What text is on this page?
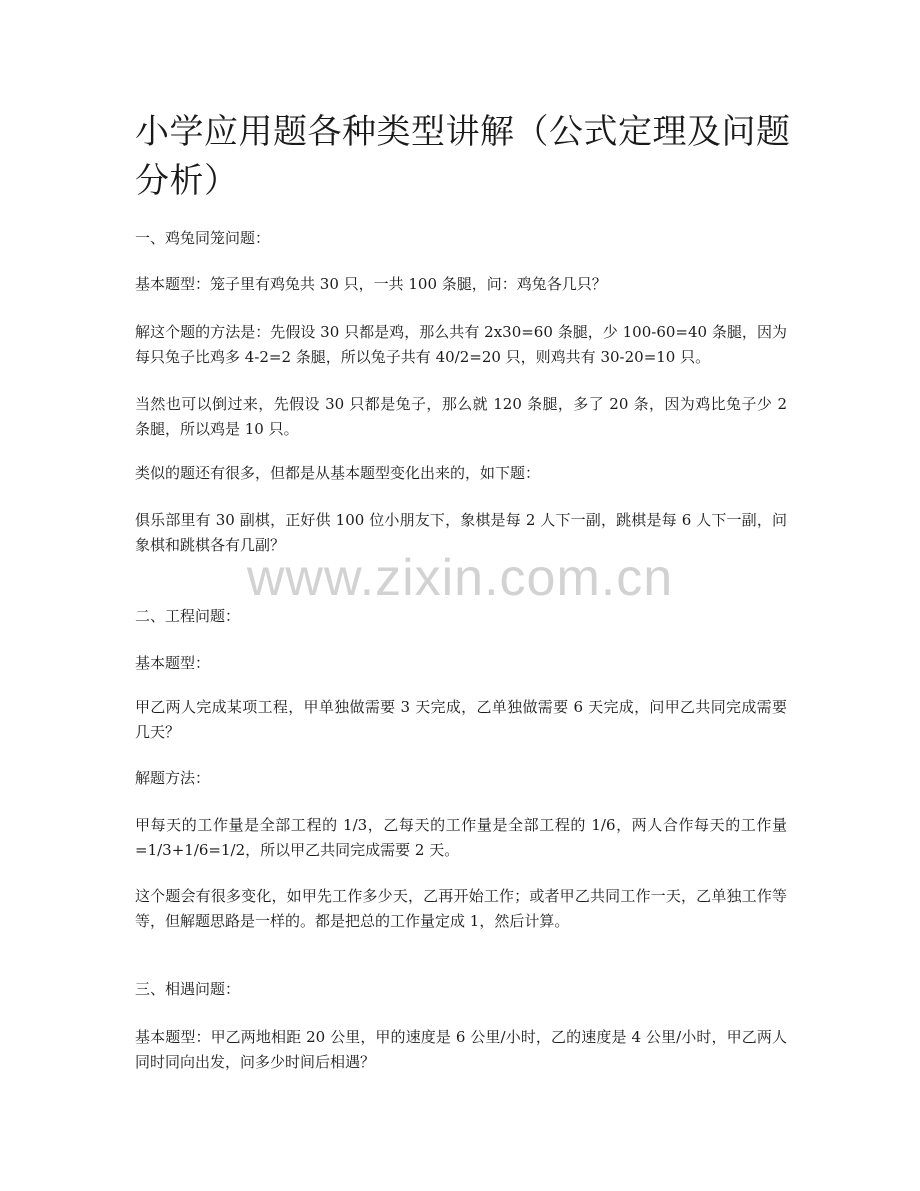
小学应用题各种类型讲解（公式定理及问题分析）

一、鸡兔同笼问题：

基本题型：笼子里有鸡兔共 30 只，一共 100 条腿，问：鸡兔各几只？

解这个题的方法是：先假设 30 只都是鸡，那么共有 2x30=60 条腿，少 100-60=40 条腿，因为每只兔子比鸡多 4-2=2 条腿，所以兔子共有 40/2=20 只，则鸡共有 30-20=10 只。

当然也可以倒过来，先假设 30 只都是兔子，那么就 120 条腿，多了 20 条，因为鸡比兔子少 2 条腿，所以鸡是 10 只。

类似的题还有很多，但都是从基本题型变化出来的，如下题：

俱乐部里有 30 副棋，正好供 100 位小朋友下，象棋是每 2 人下一副，跳棋是每 6 人下一副，问象棋和跳棋各有几副？

www.zixin.com.cn

二、工程问题：

基本题型：

甲乙两人完成某项工程，甲单独做需要 3 天完成，乙单独做需要 6 天完成，问甲乙共同完成需要几天？

解题方法：

甲每天的工作量是全部工程的 1/3，乙每天的工作量是全部工程的 1/6，两人合作每天的工作量=1/3+1/6=1/2，所以甲乙共同完成需要 2 天。

这个题会有很多变化，如甲先工作多少天，乙再开始工作；或者甲乙共同工作一天，乙单独工作等等，但解题思路是一样的。都是把总的工作量定成 1，然后计算。

三、相遇问题：

基本题型：甲乙两地相距 20 公里，甲的速度是 6 公里/小时，乙的速度是 4 公里/小时，甲乙两人同时同向出发，问多少时间后相遇？
